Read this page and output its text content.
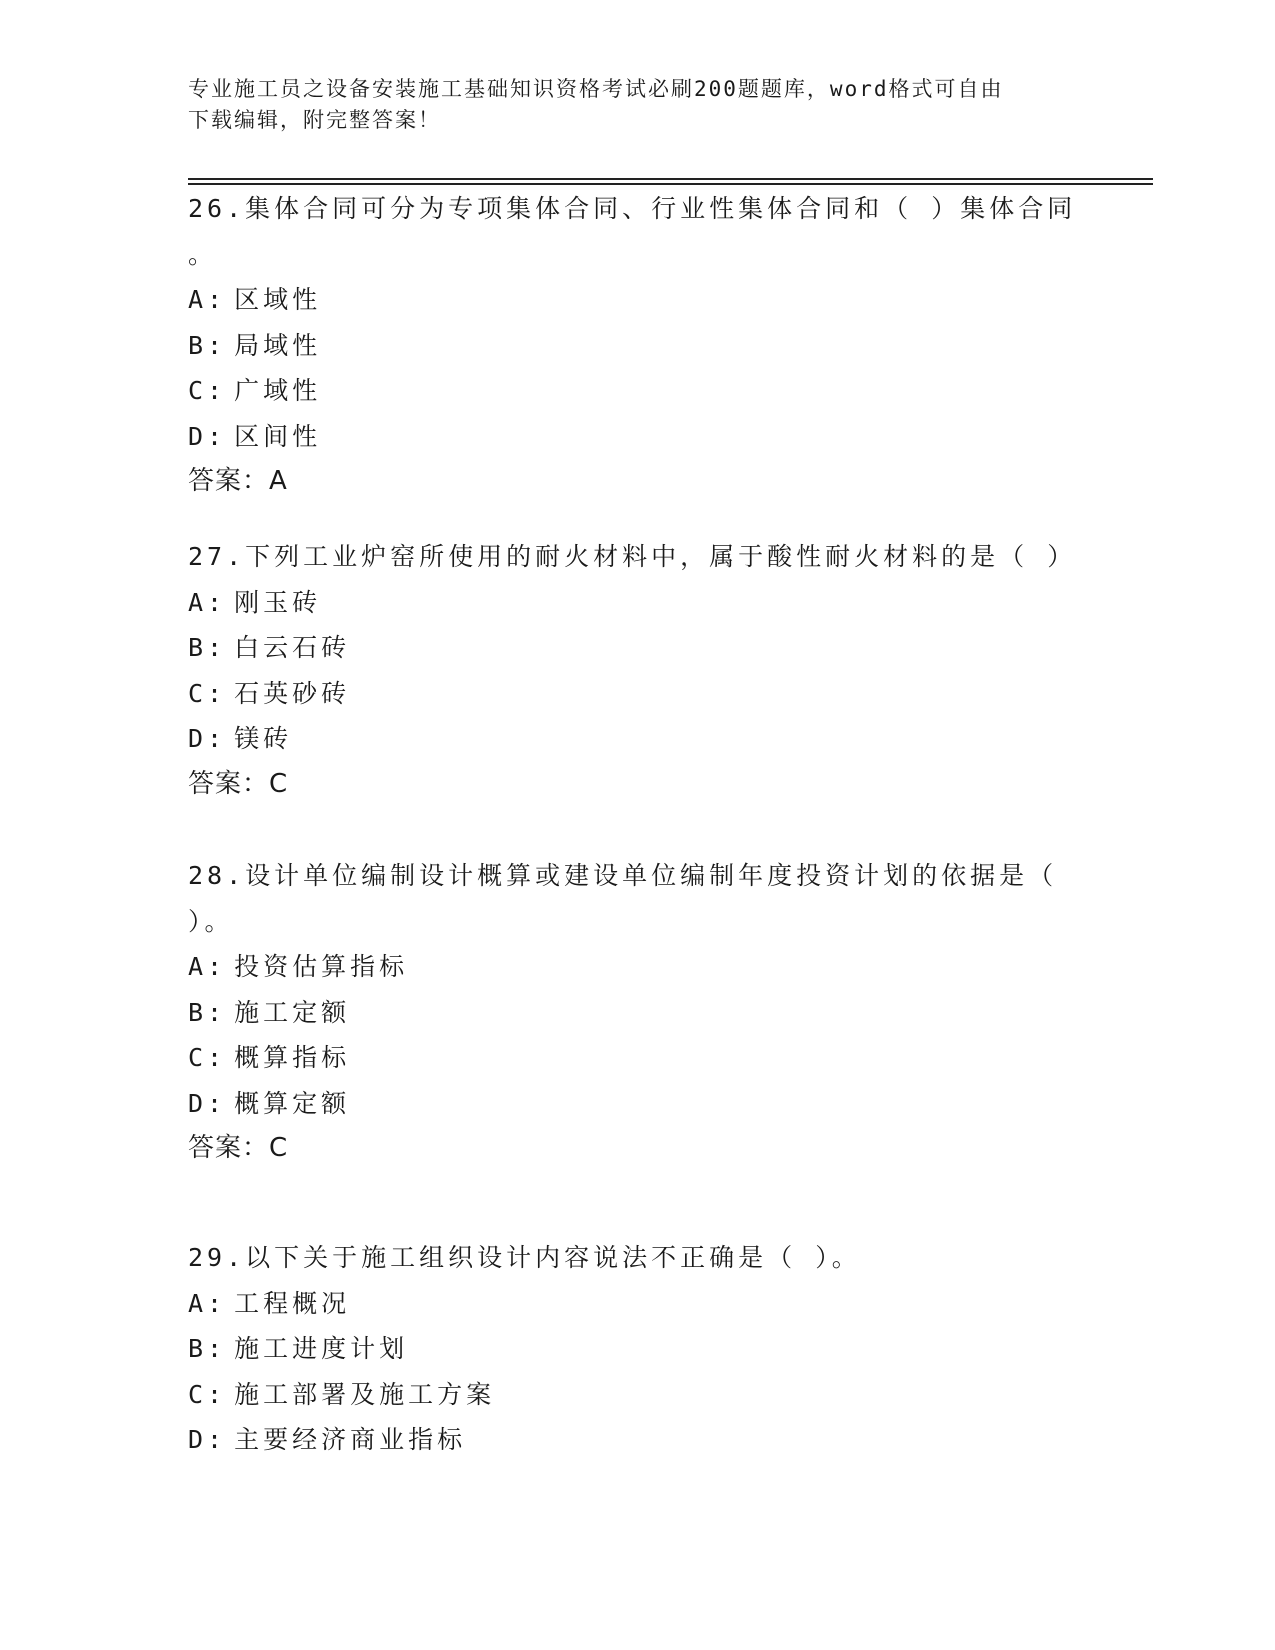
专业施工员之设备安装施工基础知识资格考试必刷200题题库，word格式可自由
下载编辑，附完整答案！
26.集体合同可分为专项集体合同、行业性集体合同和（ ）集体合同
。
A: 区域性
B: 局域性
C: 广域性
D: 区间性
答案：A
27.下列工业炉窑所使用的耐火材料中，属于酸性耐火材料的是（ ）
A: 刚玉砖
B: 白云石砖
C: 石英砂砖
D: 镁砖
答案：C
28.设计单位编制设计概算或建设单位编制年度投资计划的依据是（
）。
A: 投资估算指标
B: 施工定额
C: 概算指标
D: 概算定额
答案：C
29.以下关于施工组织设计内容说法不正确是（ ）。
A: 工程概况
B: 施工进度计划
C: 施工部署及施工方案
D: 主要经济商业指标
